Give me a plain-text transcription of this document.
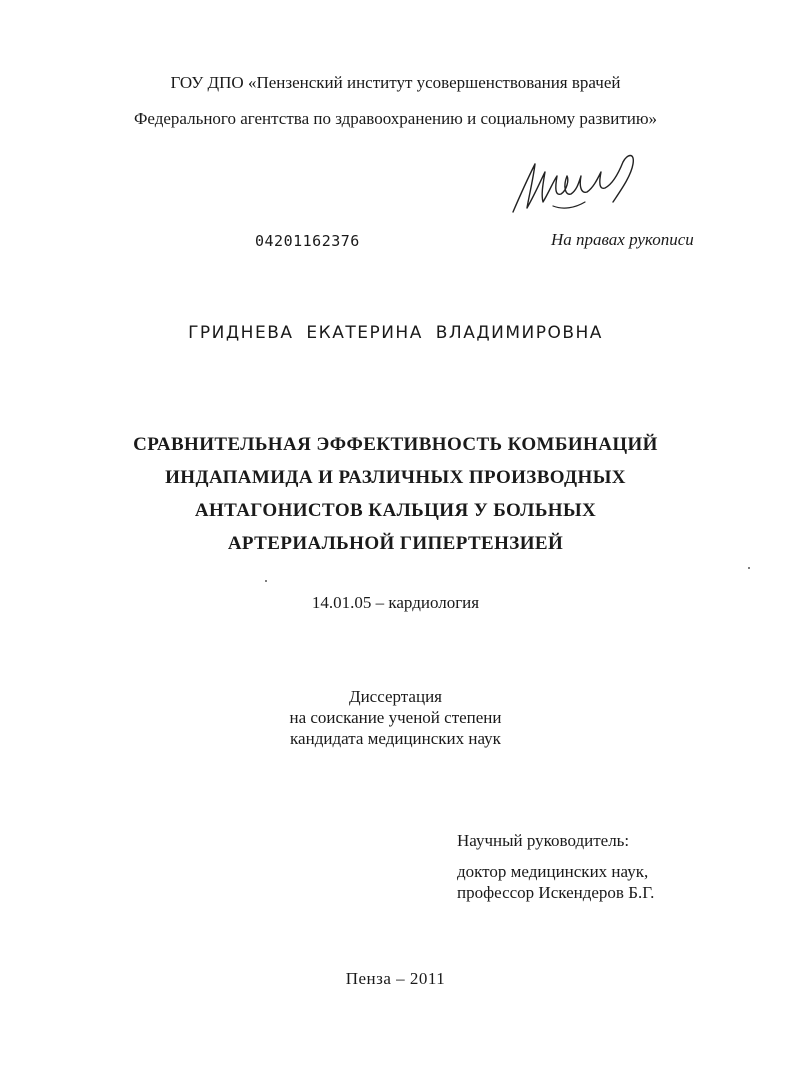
ГОУ ДПО «Пензенский институт усовершенствования врачей
Федерального агентства по здравоохранению и социальному развитию»
04201162376	На правах рукописи
ГРИДНЕВА ЕКАТЕРИНА ВЛАДИМИРОВНА
СРАВНИТЕЛЬНАЯ ЭФФЕКТИВНОСТЬ КОМБИНАЦИЙ
ИНДАПАМИДА И РАЗЛИЧНЫХ ПРОИЗВОДНЫХ
АНТАГОНИСТОВ КАЛЬЦИЯ У БОЛЬНЫХ
АРТЕРИАЛЬНОЙ ГИПЕРТЕНЗИЕЙ
14.01.05 – кардиология
Диссертация
на соискание ученой степени
кандидата медицинских наук
Научный руководитель:
доктор медицинских наук,
профессор Искендеров Б.Г.
Пенза – 2011
